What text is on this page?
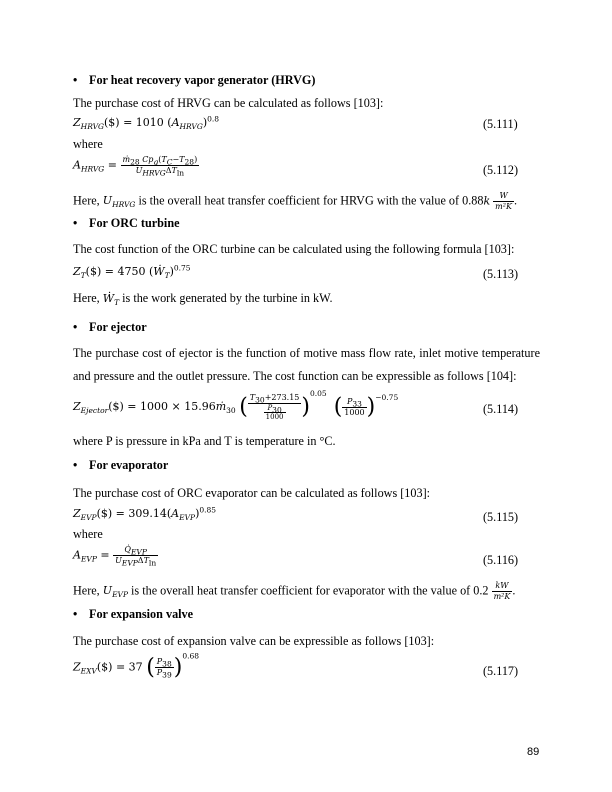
• For heat recovery vapor generator (HRVG)
The purchase cost of HRVG can be calculated as follows [103]:
$Z_{HRVG}(\$) = 1010$ $(A_{HRVG})^{0.8}$	(5.111)
where
$A_{HRVG} = \frac{ṁ_{28} Cp_g(T_C-T_{28})}{U_{HRVG}\Delta T_{ln}}$	(5.112)
Here, $U_{HRVG}$ is the overall heat transfer coefficient for HRVG with the value of $0.88k \frac{W}{\text{m²K}}$ .
• For ORC turbine
The cost function of the ORC turbine can be calculated using the following formula [103]:
$Z_T(\$) = 4750$ (Ẇ$_T$)$^{0.75}$	(5.113)
Here, Ẇ$_T$ is the work generated by the turbine in kW.
• For ejector
The purchase cost of ejector is the function of motive mass flow rate, inlet motive temperature
and pressure and the outlet pressure. The cost function can be expressible as follows [104]:
$Z_{Ejector}(\$) = 1000$ × 15.96ṁ$_{30}$ ( $\frac{T_{30}+273.15}{\frac{P_{30}}{1000}} )^{0.05}$  ( $\frac{P_{33}}{1000} )^{-0.75}$
(5.114)
where P is pressure in kPa and T is temperature in °C.
• For evaporator
The purchase cost of ORC evaporator can be calculated as follows [103]:
$Z_{EVP}(\$) = 309.14(A_{EVP})^{0.85}$
(5.115)
where
$A_{EVP} = \frac{Q̇_{EVP}}{U_{EVP}\Delta T_{ln}}$	(5.116)
Here, $U_{EVP}$ is the overall heat transfer coefficient for evaporator with the value of $0.2 \frac{kW}{\text{m²K}}$ .
• For expansion valve
The purchase cost of expansion valve can be expressible as follows [103]:
$Z_{EXV}(\$) = 37$ ( $\frac{P_{38}}{P_{39}} )^{0.68}$
(5.117)
89
